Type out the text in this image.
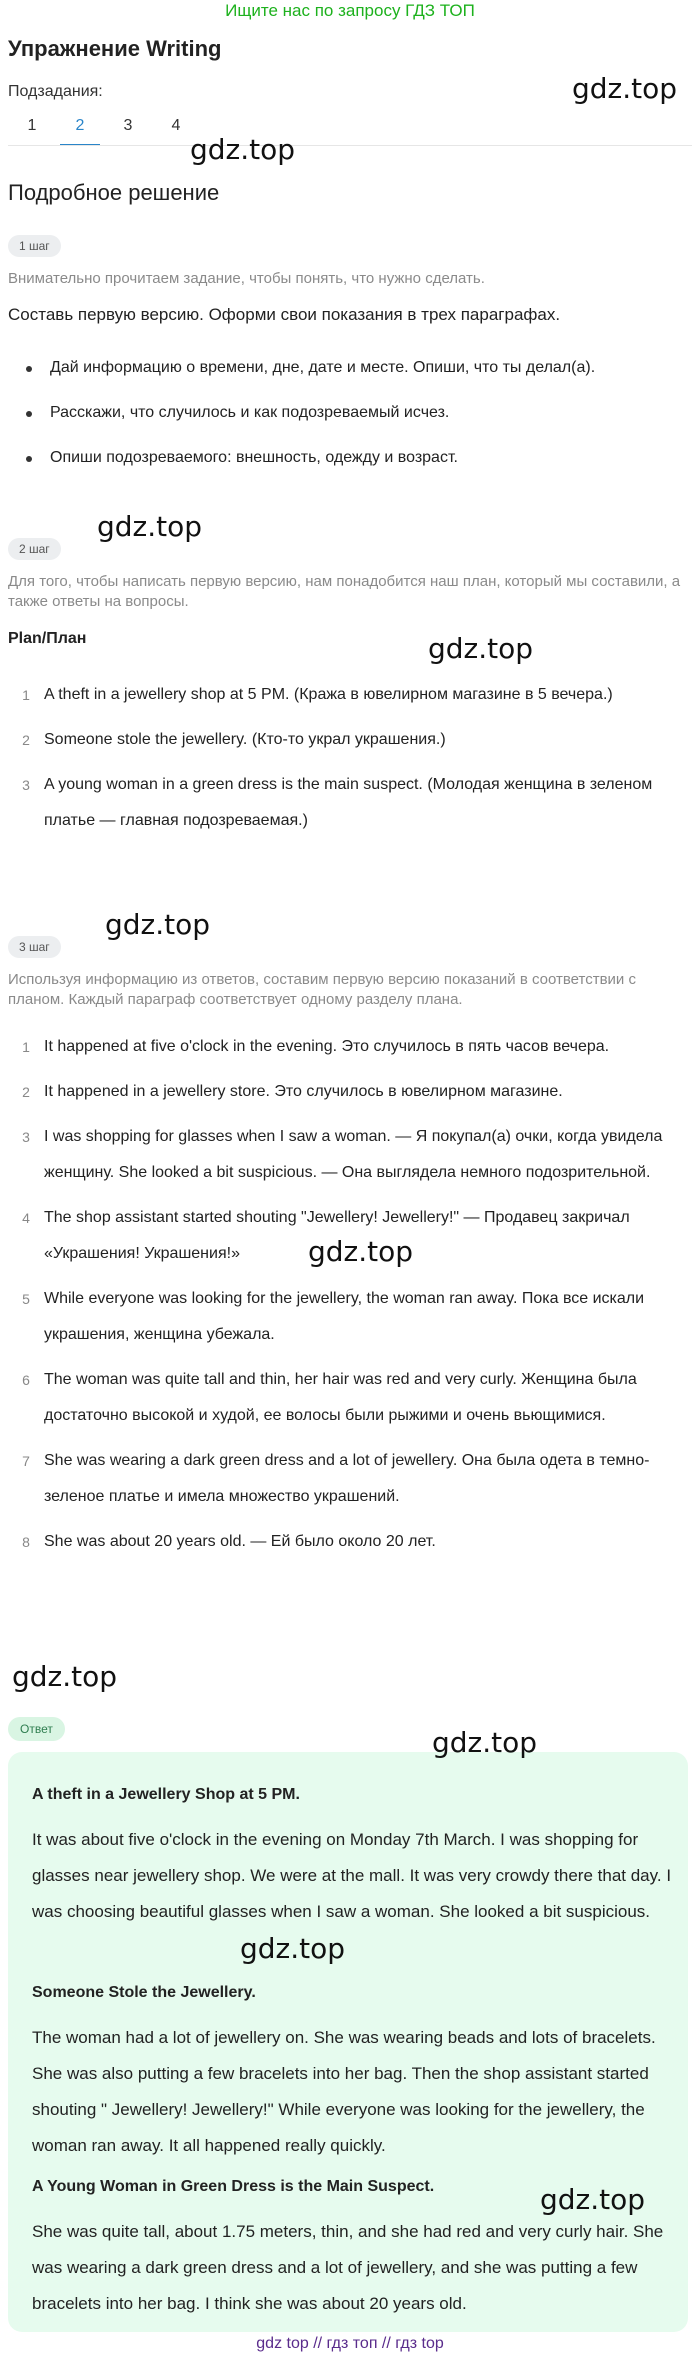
Ищите нас по запросу ГДЗ ТОП
Упражнение Writing
gdz.top
Подзадания:
1	2	3	4
gdz.top
Подробное решение
1 шаг
Внимательно прочитаем задание, чтобы понять, что нужно сделать.
Составь первую версию. Оформи свои показания в трех параграфах.
Дай информацию о времени, дне, дате и месте. Опиши, что ты делал(а).
Расскажи, что случилось и как подозреваемый исчез.
Опиши подозреваемого: внешность, одежду и возраст.
gdz.top
2 шаг
Для того, чтобы написать первую версию, нам понадобится наш план, который мы составили, а также ответы на вопросы.
Plan/План	gdz.top
1 A theft in a jewellery shop at 5 PM. (Кража в ювелирном магазине в 5 вечера.)
2 Someone stole the jewellery. (Кто-то украл украшения.)
3 A young woman in a green dress is the main suspect. (Молодая женщина в зеленом платье — главная подозреваемая.)
gdz.top
3 шаг
Используя информацию из ответов, составим первую версию показаний в соответствии с планом. Каждый параграф соответствует одному разделу плана.
1 It happened at five o'clock in the evening. Это случилось в пять часов вечера.
2 It happened in a jewellery store. Это случилось в ювелирном магазине.
3 I was shopping for glasses when I saw a woman. — Я покупал(а) очки, когда увидела женщину. She looked a bit suspicious. — Она выглядела немного подозрительной.
4 The shop assistant started shouting "Jewellery! Jewellery!" — Продавец закричал «Украшения! Украшения!»
5 While everyone was looking for the jewellery, the woman ran away. Пока все искали украшения, женщина убежала.
6 The woman was quite tall and thin, her hair was red and very curly. Женщина была достаточно высокой и худой, ее волосы были рыжими и очень вьющимися.
7 She was wearing a dark green dress and a lot of jewellery. Она была одета в темно-зеленое платье и имела множество украшений.
8 She was about 20 years old. — Ей было около 20 лет.
gdz.top
gdz.top
Ответ	gdz.top
A theft in a Jewellery Shop at 5 PM.
It was about five o'clock in the evening on Monday 7th March. I was shopping for glasses near jewellery shop. We were at the mall. It was very crowdy there that day. I was choosing beautiful glasses when I saw a woman. She looked a bit suspicious.
gdz.top
Someone Stole the Jewellery.
The woman had a lot of jewellery on. She was wearing beads and lots of bracelets. She was also putting a few bracelets into her bag. Then the shop assistant started shouting " Jewellery! Jewellery!" While everyone was looking for the jewellery, the woman ran away. It all happened really quickly.
A Young Woman in Green Dress is the Main Suspect.	gdz.top
She was quite tall, about 1.75 meters, thin, and she had red and very curly hair. She was wearing a dark green dress and a lot of jewellery, and she was putting a few bracelets into her bag. I think she was about 20 years old.
gdz top // гдз топ // гдз top
